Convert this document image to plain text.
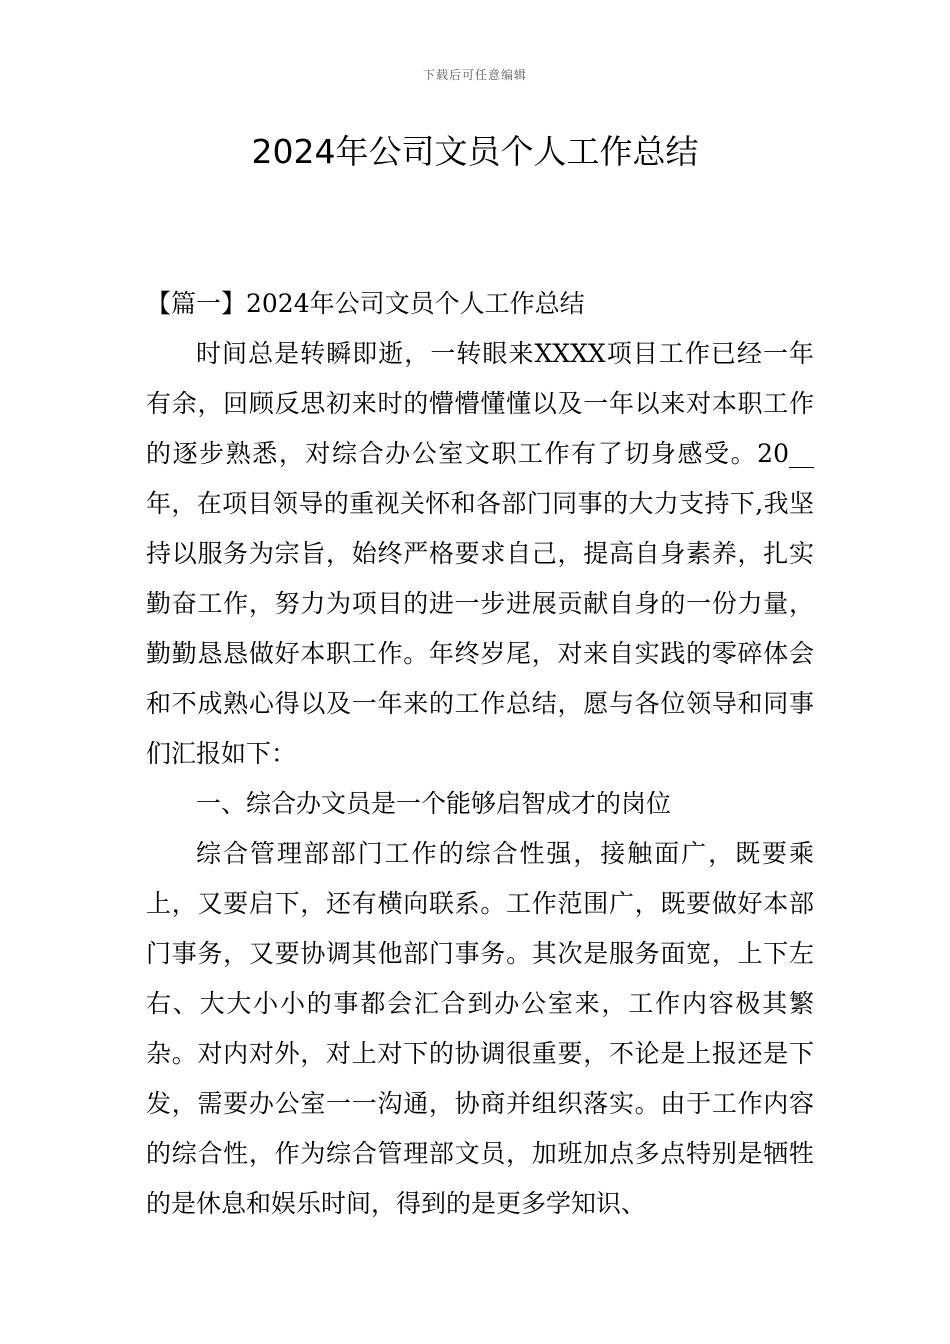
下载后可任意编辑
2024年公司文员个人工作总结

【篇一】2024年公司文员个人工作总结

时间总是转瞬即逝，一转眼来XXXX项目工作已经一年有余，回顾反思初来时的懵懵懂懂以及一年以来对本职工作的逐步熟悉，对综合办公室文职工作有了切身感受。20__年，在项目领导的重视关怀和各部门同事的大力支持下,我坚持以服务为宗旨，始终严格要求自己，提高自身素养，扎实勤奋工作，努力为项目的进一步进展贡献自身的一份力量，勤勤恳恳做好本职工作。年终岁尾，对来自实践的零碎体会和不成熟心得以及一年来的工作总结，愿与各位领导和同事们汇报如下：

一、综合办文员是一个能够启智成才的岗位

综合管理部部门工作的综合性强，接触面广，既要乘上，又要启下，还有横向联系。工作范围广，既要做好本部门事务，又要协调其他部门事务。其次是服务面宽，上下左右、大大小小的事都会汇合到办公室来，工作内容极其繁杂。对内对外，对上对下的协调很重要，不论是上报还是下发，需要办公室一一沟通，协商并组织落实。由于工作内容的综合性，作为综合管理部文员，加班加点多点特别是牺牲的是休息和娱乐时间，得到的是更多学知识、
